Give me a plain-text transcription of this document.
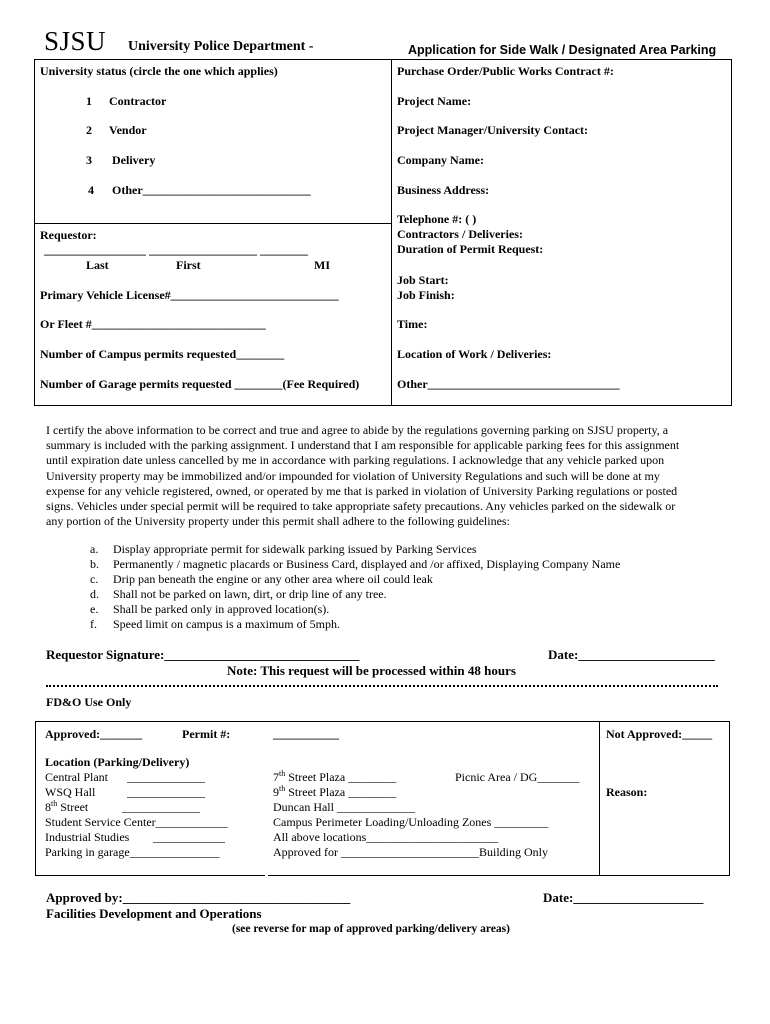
SJSU University Police Department -	Application for Side Walk / Designated Area Parking
University status (circle the one which applies)
1 Contractor
2 Vendor
3 Delivery
4 Other____________________________
Requestor:
_________________ __________________ ________
Last	First	MI
Primary Vehicle License#____________________________
Or Fleet #_____________________________
Number of Campus permits requested________
Number of Garage permits requested ________(Fee Required)
Purchase Order/Public Works Contract #:
Project Name:
Project Manager/University Contact:
Company Name:
Business Address:
Telephone #: ( )
Contractors / Deliveries:
Duration of Permit Request:
Job Start:
Job Finish:
Time:
Location of Work / Deliveries:
Other________________________________
I certify the above information to be correct and true and agree to abide by the regulations governing parking on SJSU property, a
summary is included with the parking assignment. I understand that I am responsible for applicable parking fees for this assignment
until expiration date unless cancelled by me in accordance with parking regulations. I acknowledge that any vehicle parked upon
University property may be immobilized and/or impounded for violation of University Regulations and such will be done at my
expense for any vehicle registered, owned, or operated by me that is parked in violation of University Parking regulations or posted
signs. Vehicles under special permit will be required to take appropriate safety precautions. Any vehicles parked on the sidewalk or
any portion of the University property under this permit shall adhere to the following guidelines:
a. Display appropriate permit for sidewalk parking issued by Parking Services
b. Permanently / magnetic placards or Business Card, displayed and /or affixed, Displaying Company Name
c. Drip pan beneath the engine or any other area where oil could leak
d. Shall not be parked on lawn, dirt, or drip line of any tree.
e. Shall be parked only in approved location(s).
f. Speed limit on campus is a maximum of 5mph.
Requestor Signature:______________________________	Date:_____________________
Note: This request will be processed within 48 hours
FD&O Use Only
Approved:_______	Permit #:	___________	Not Approved:_____
Reason:
Location (Parking/Delivery)
Central Plant _____________
WSQ Hall	_____________
8th Street	_____________
Student Service Center____________
Industrial Studies ____________
Parking in garage_______________
7th Street Plaza ________	Picnic Area / DG_______
9th Street Plaza ________
Duncan Hall _____________
Campus Perimeter Loading/Unloading Zones _________
All above locations______________________
Approved for _______________________Building Only
Approved by:___________________________________	Date:____________________
Facilities Development and Operations
(see reverse for map of approved parking/delivery areas)
